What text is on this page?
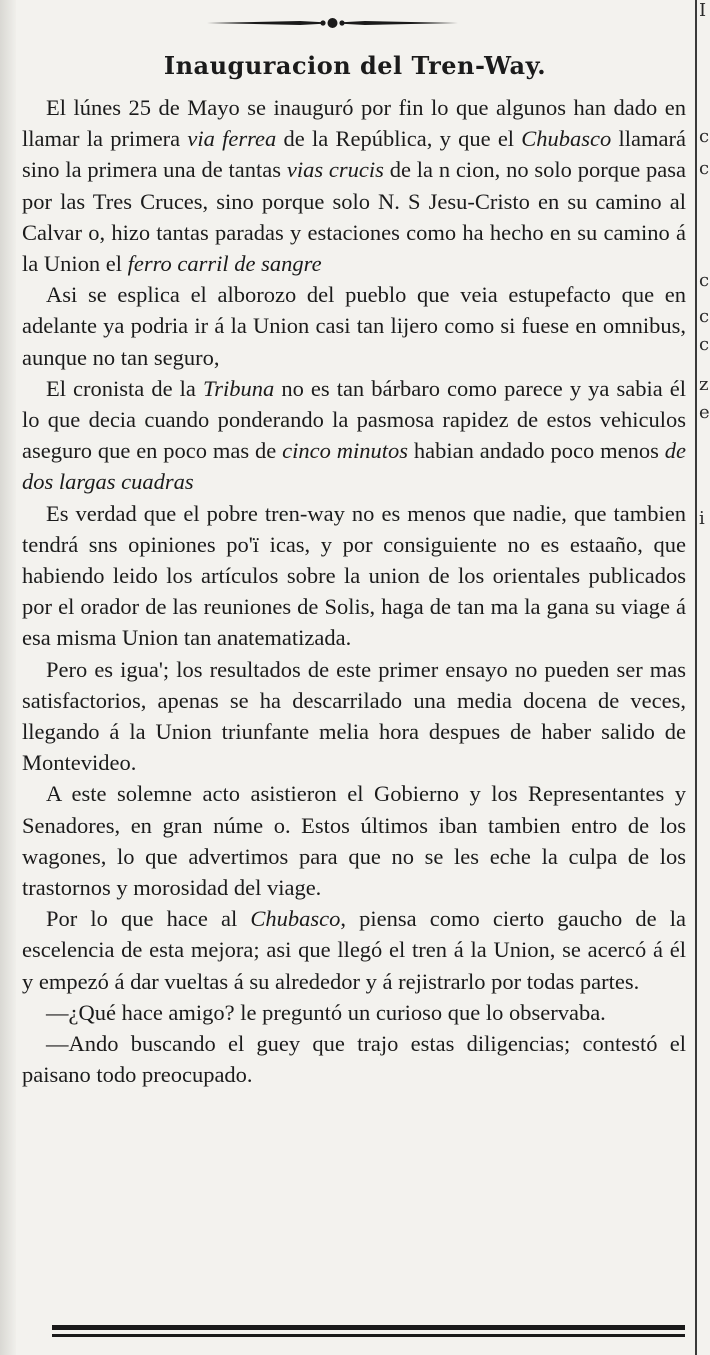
I
c
c
c
c
c
z
e
i
Inauguracion del Tren-Way.

El lúnes 25 de Mayo se inauguró por fin lo que algunos han dado en llamar la primera via ferrea de la República, y que el Chubasco llamará sino la primera una de tantas vias crucis de la n cion, no solo porque pasa por las Tres Cruces, sino porque solo N. S Jesu-Cristo en su camino al Calvar o, hizo tantas paradas y estaciones como ha hecho en su camino á la Union el ferro carril de sangre

Asi se esplica el alborozo del pueblo que veia estupefacto que en adelante ya podria ir á la Union casi tan lijero como si fuese en omnibus, aunque no tan seguro,

El cronista de la Tribuna no es tan bárbaro como parece y ya sabia él lo que decia cuando ponderando la pasmosa rapidez de estos vehiculos aseguro que en poco mas de cinco minutos habian andado poco menos de dos largas cuadras

Es verdad que el pobre tren-way no es menos que nadie, que tambien tendrá sns opiniones po'ï icas, y por consiguiente no es estaaño, que habiendo leido los artículos sobre la union de los orientales publicados por el orador de las reuniones de Solis, haga de tan ma la gana su viage á esa misma Union tan anatematizada.

Pero es igua'; los resultados de este primer ensayo no pueden ser mas satisfactorios, apenas se ha descarrilado una media docena de veces, llegando á la Union triunfante melia hora despues de haber salido de Montevideo.

A este solemne acto asistieron el Gobierno y los Representantes y Senadores, en gran núme o. Estos últimos iban tambien entro de los wagones, lo que advertimos para que no se les eche la culpa de los trastornos y morosidad del viage.

Por lo que hace al Chubasco, piensa como cierto gaucho de la escelencia de esta mejora; asi que llegó el tren á la Union, se acercó á él y empezó á dar vueltas á su alrededor y á rejistrarlo por todas partes.

—¿Qué hace amigo? le preguntó un curioso que lo observaba.

—Ando buscando el guey que trajo estas diligencias; contestó el paisano todo preocupado.
